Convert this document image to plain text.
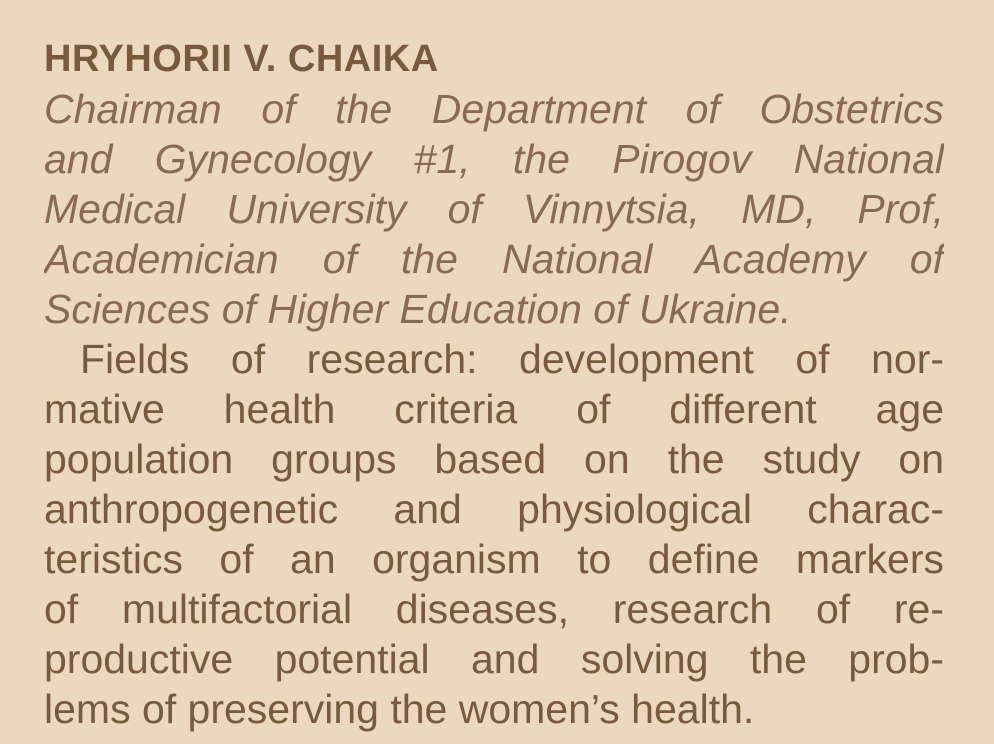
HRYHORII V. CHAIKA
Chairman of the Department of Obstetrics
and Gynecology #1, the Pirogov National
Medical University of Vinnytsia, MD, Prof,
Academician of the National Academy of
Sciences of Higher Education of Ukraine.
Fields of research: development of nor-
mative health criteria of different age
population groups based on the study on
anthropogenetic and physiological charac-
teristics of an organism to define markers
of multifactorial diseases, research of re-
productive potential and solving the prob-
lems of preserving the women’s health.
